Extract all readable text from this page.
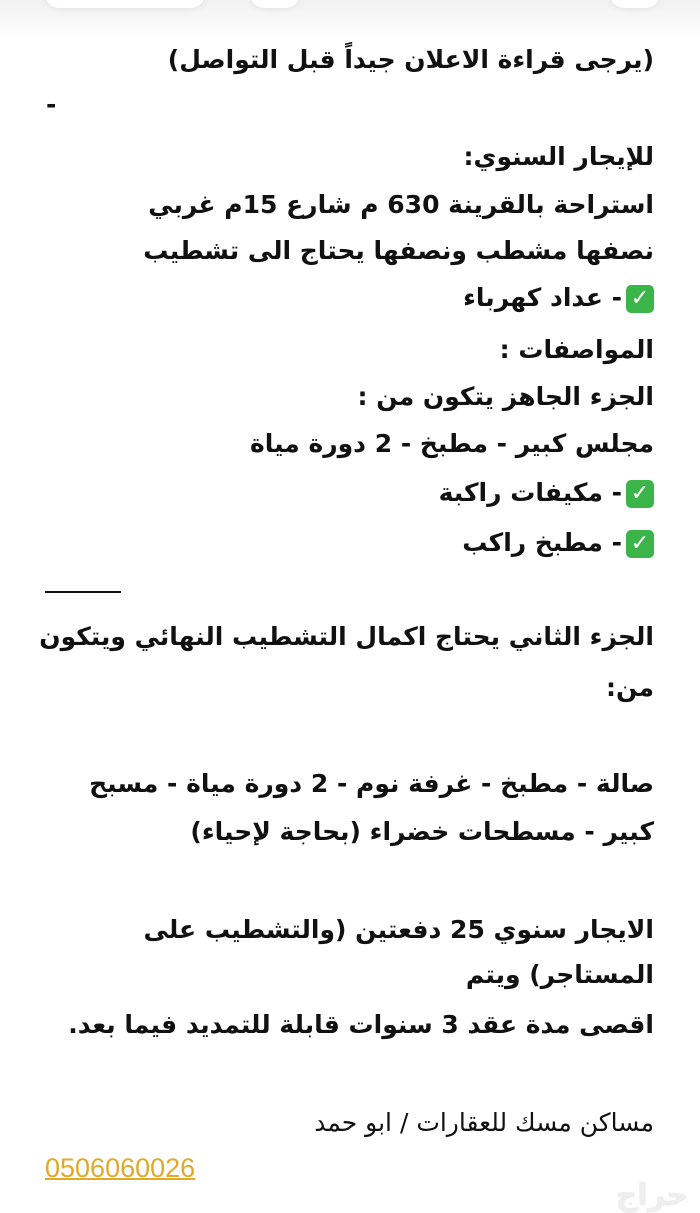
(يرجى قراءة الاعلان جيداً قبل التواصل)
-
للإيجار السنوي:
استراحة بالقرينة 630 م شارع 15م غربي
نصفها مشطب ونصفها يحتاج الى تشطيب
✓- عداد كهرباء
المواصفات :
الجزء الجاهز يتكون من :
مجلس كبير - مطبخ - 2 دورة مياة
✓- مكيفات راكبة
✓- مطبخ راكب
الجزء الثاني يحتاج اكمال التشطيب النهائي ويتكون
من:
صالة - مطبخ - غرفة نوم - 2 دورة مياة - مسبح
كبير - مسطحات خضراء (بحاجة لإحياء)
الايجار سنوي 25 دفعتين (والتشطيب على
المستاجر) ويتم
اقصى مدة عقد 3 سنوات قابلة للتمديد فيما بعد.
مساكن مسك للعقارات / ابو حمد
0506060026
حراج
